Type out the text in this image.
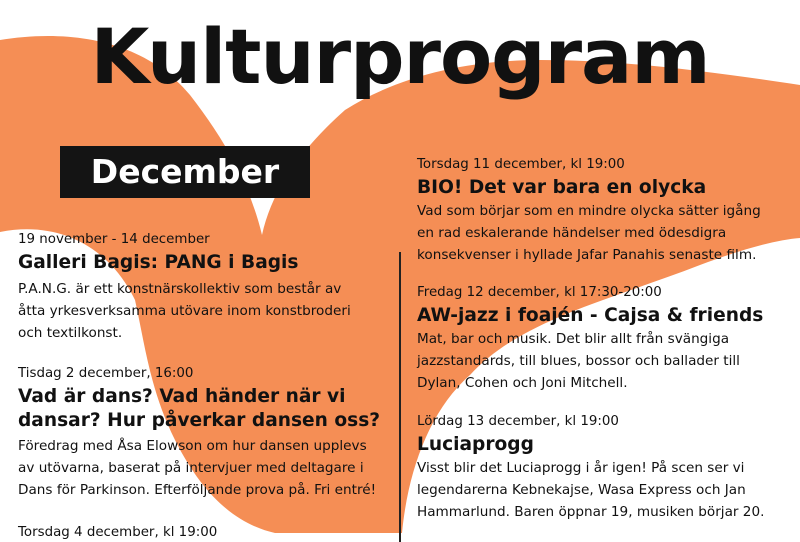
Kulturprogram
December
19 november - 14 december
Galleri Bagis: PANG i Bagis
P.A.N.G. är ett konstnärskollektiv som består av
åtta yrkesverksamma utövare inom konstbroderi
och textilkonst.
Tisdag 2 december, 16:00
Vad är dans? Vad händer när vi
dansar? Hur påverkar dansen oss?
Föredrag med Åsa Elowson om hur dansen upplevs
av utövarna, baserat på intervjuer med deltagare i
Dans för Parkinson. Efterföljande prova på. Fri entré!
Torsdag 4 december, kl 19:00
Torsdag 11 december, kl 19:00
BIO! Det var bara en olycka
Vad som börjar som en mindre olycka sätter igång
en rad eskalerande händelser med ödesdigra
konsekvenser i hyllade Jafar Panahis senaste film.
Fredag 12 december, kl 17:30-20:00
AW-jazz i foajén - Cajsa & friends
Mat, bar och musik. Det blir allt från svängiga
jazzstandards, till blues, bossor och ballader till
Dylan, Cohen och Joni Mitchell.
Lördag 13 december, kl 19:00
Luciaprogg
Visst blir det Luciaprogg i år igen! På scen ser vi
legendarerna Kebnekajse, Wasa Express och Jan
Hammarlund. Baren öppnar 19, musiken börjar 20.
